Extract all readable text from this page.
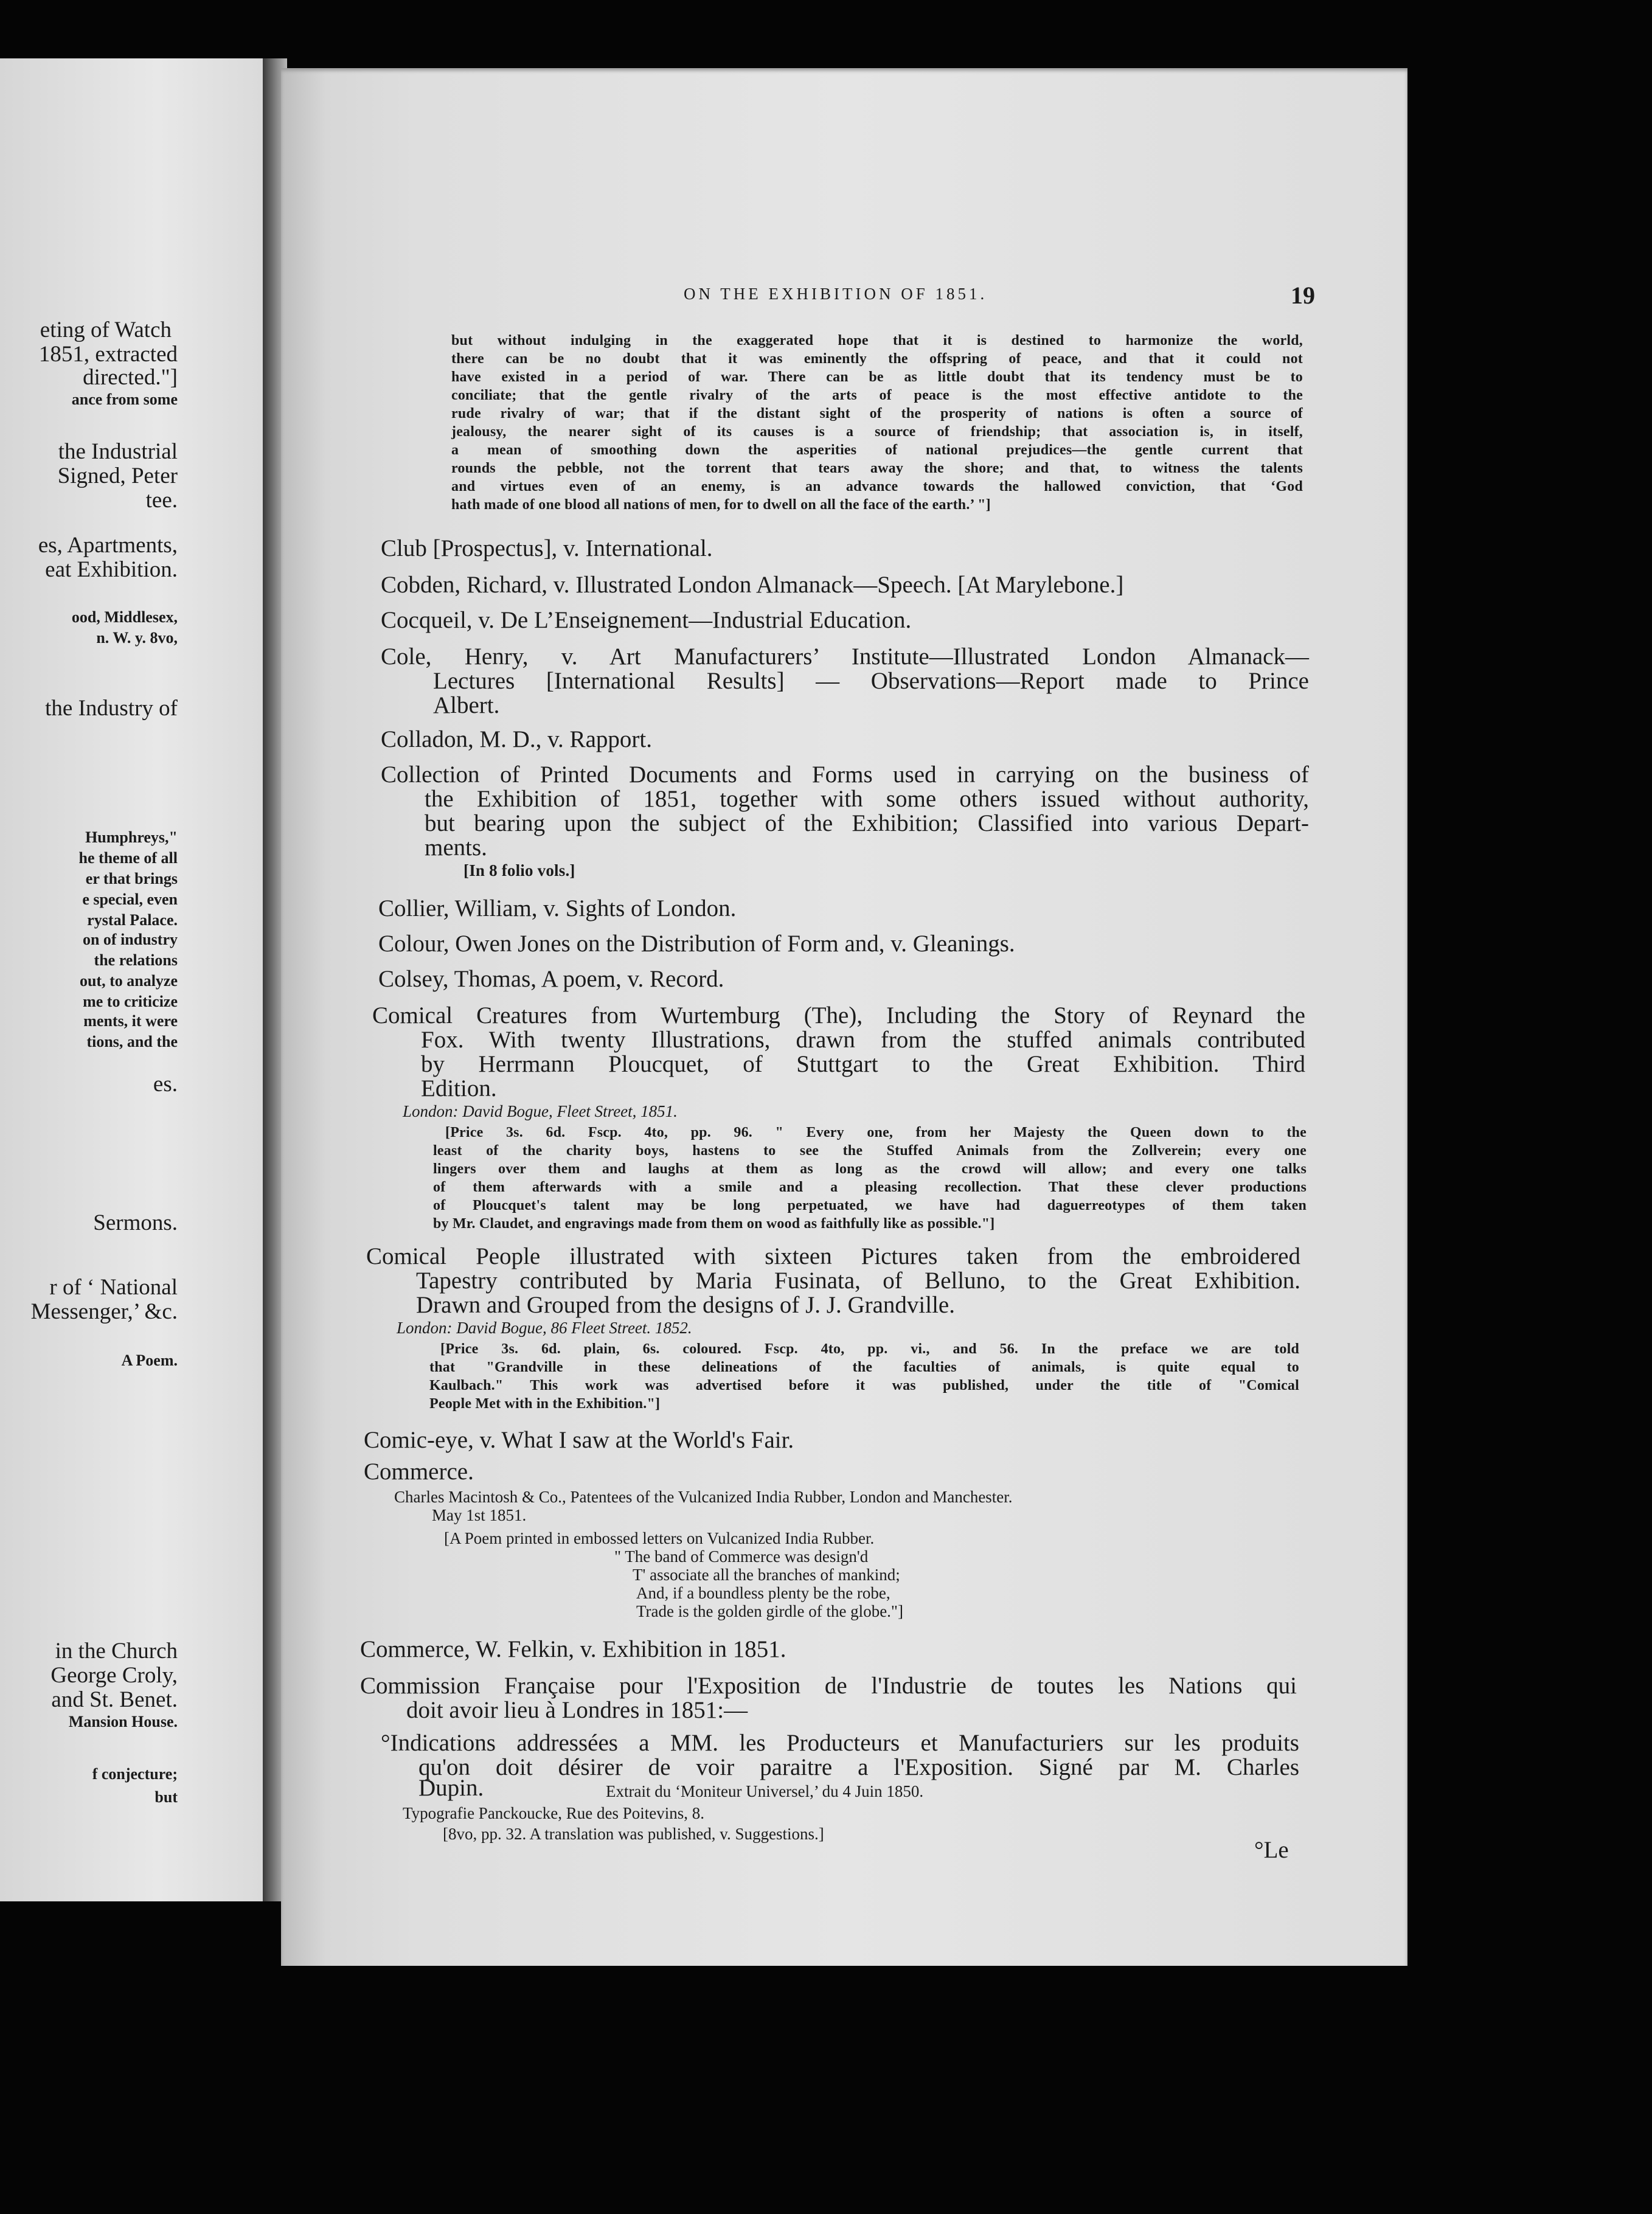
eting of Watch
1851, extracted
directed."]
ance from some
the Industrial
Signed, Peter
tee.
es, Apartments,
eat Exhibition.
ood, Middlesex,
n. W. y. 8vo,
the Industry of
Humphreys,"
he theme of all
er that brings
e special, even
rystal Palace.
on of industry
the relations
out, to analyze
me to criticize
ments, it were
tions, and the
es.
Sermons.
r of ‘ National
Messenger,’ &c.
A Poem.
in the Church
George Croly,
and St. Benet.
Mansion House.
f conjecture;
but
ON THE EXHIBITION OF 1851.	19
but without indulging in the exaggerated hope that it is destined to harmonize the world,
there can be no doubt that it was eminently the offspring of peace, and that it could not
have existed in a period of war. There can be as little doubt that its tendency must be to
conciliate; that the gentle rivalry of the arts of peace is the most effective antidote to the
rude rivalry of war; that if the distant sight of the prosperity of nations is often a source of
jealousy, the nearer sight of its causes is a source of friendship; that association is, in itself,
a mean of smoothing down the asperities of national prejudices—the gentle current that
rounds the pebble, not the torrent that tears away the shore; and that, to witness the talents
and virtues even of an enemy, is an advance towards the hallowed conviction, that ‘God
hath made of one blood all nations of men, for to dwell on all the face of the earth.’ "]
Club [Prospectus], v. International.
Cobden, Richard, v. Illustrated London Almanack—Speech. [At Marylebone.]
Cocqueil, v. De L’Enseignement—Industrial Education.
Cole, Henry, v. Art Manufacturers’ Institute—Illustrated London Almanack—
Lectures [International Results] — Observations—Report made to Prince
Albert.
Colladon, M. D., v. Rapport.
Collection of Printed Documents and Forms used in carrying on the business of
the Exhibition of 1851, together with some others issued without authority,
but bearing upon the subject of the Exhibition; Classified into various Depart-
ments.
[In 8 folio vols.]
Collier, William, v. Sights of London.
Colour, Owen Jones on the Distribution of Form and, v. Gleanings.
Colsey, Thomas, A poem, v. Record.
Comical Creatures from Wurtemburg (The), Including the Story of Reynard the
Fox. With twenty Illustrations, drawn from the stuffed animals contributed
by Herrmann Ploucquet, of Stuttgart to the Great Exhibition. Third
Edition.
London: David Bogue, Fleet Street, 1851.
[Price 3s. 6d. Fscp. 4to, pp. 96. " Every one, from her Majesty the Queen down to the
least of the charity boys, hastens to see the Stuffed Animals from the Zollverein; every one
lingers over them and laughs at them as long as the crowd will allow; and every one talks
of them afterwards with a smile and a pleasing recollection. That these clever productions
of Ploucquet's talent may be long perpetuated, we have had daguerreotypes of them taken
by Mr. Claudet, and engravings made from them on wood as faithfully like as possible."]
Comical People illustrated with sixteen Pictures taken from the embroidered
Tapestry contributed by Maria Fusinata, of Belluno, to the Great Exhibition.
Drawn and Grouped from the designs of J. J. Grandville.
London: David Bogue, 86 Fleet Street. 1852.
[Price 3s. 6d. plain, 6s. coloured. Fscp. 4to, pp. vi., and 56. In the preface we are told
that "Grandville in these delineations of the faculties of animals, is quite equal to
Kaulbach." This work was advertised before it was published, under the title of "Comical
People Met with in the Exhibition."]
Comic-eye, v. What I saw at the World's Fair.
Commerce.
Charles Macintosh & Co., Patentees of the Vulcanized India Rubber, London and Manchester.
May 1st 1851.
[A Poem printed in embossed letters on Vulcanized India Rubber.
" The band of Commerce was design'd
T' associate all the branches of mankind;
And, if a boundless plenty be the robe,
Trade is the golden girdle of the globe."]
Commerce, W. Felkin, v. Exhibition in 1851.
Commission Française pour l'Exposition de l'Industrie de toutes les Nations qui
doit avoir lieu à Londres in 1851:—
°Indications addressées a MM. les Producteurs et Manufacturiers sur les produits
qu'on doit désirer de voir paraitre a l'Exposition. Signé par M. Charles
Dupin.	Extrait du ‘Moniteur Universel,’ du 4 Juin 1850.
Typografie Panckoucke, Rue des Poitevins, 8.
[8vo, pp. 32. A translation was published, v. Suggestions.]
°Le
